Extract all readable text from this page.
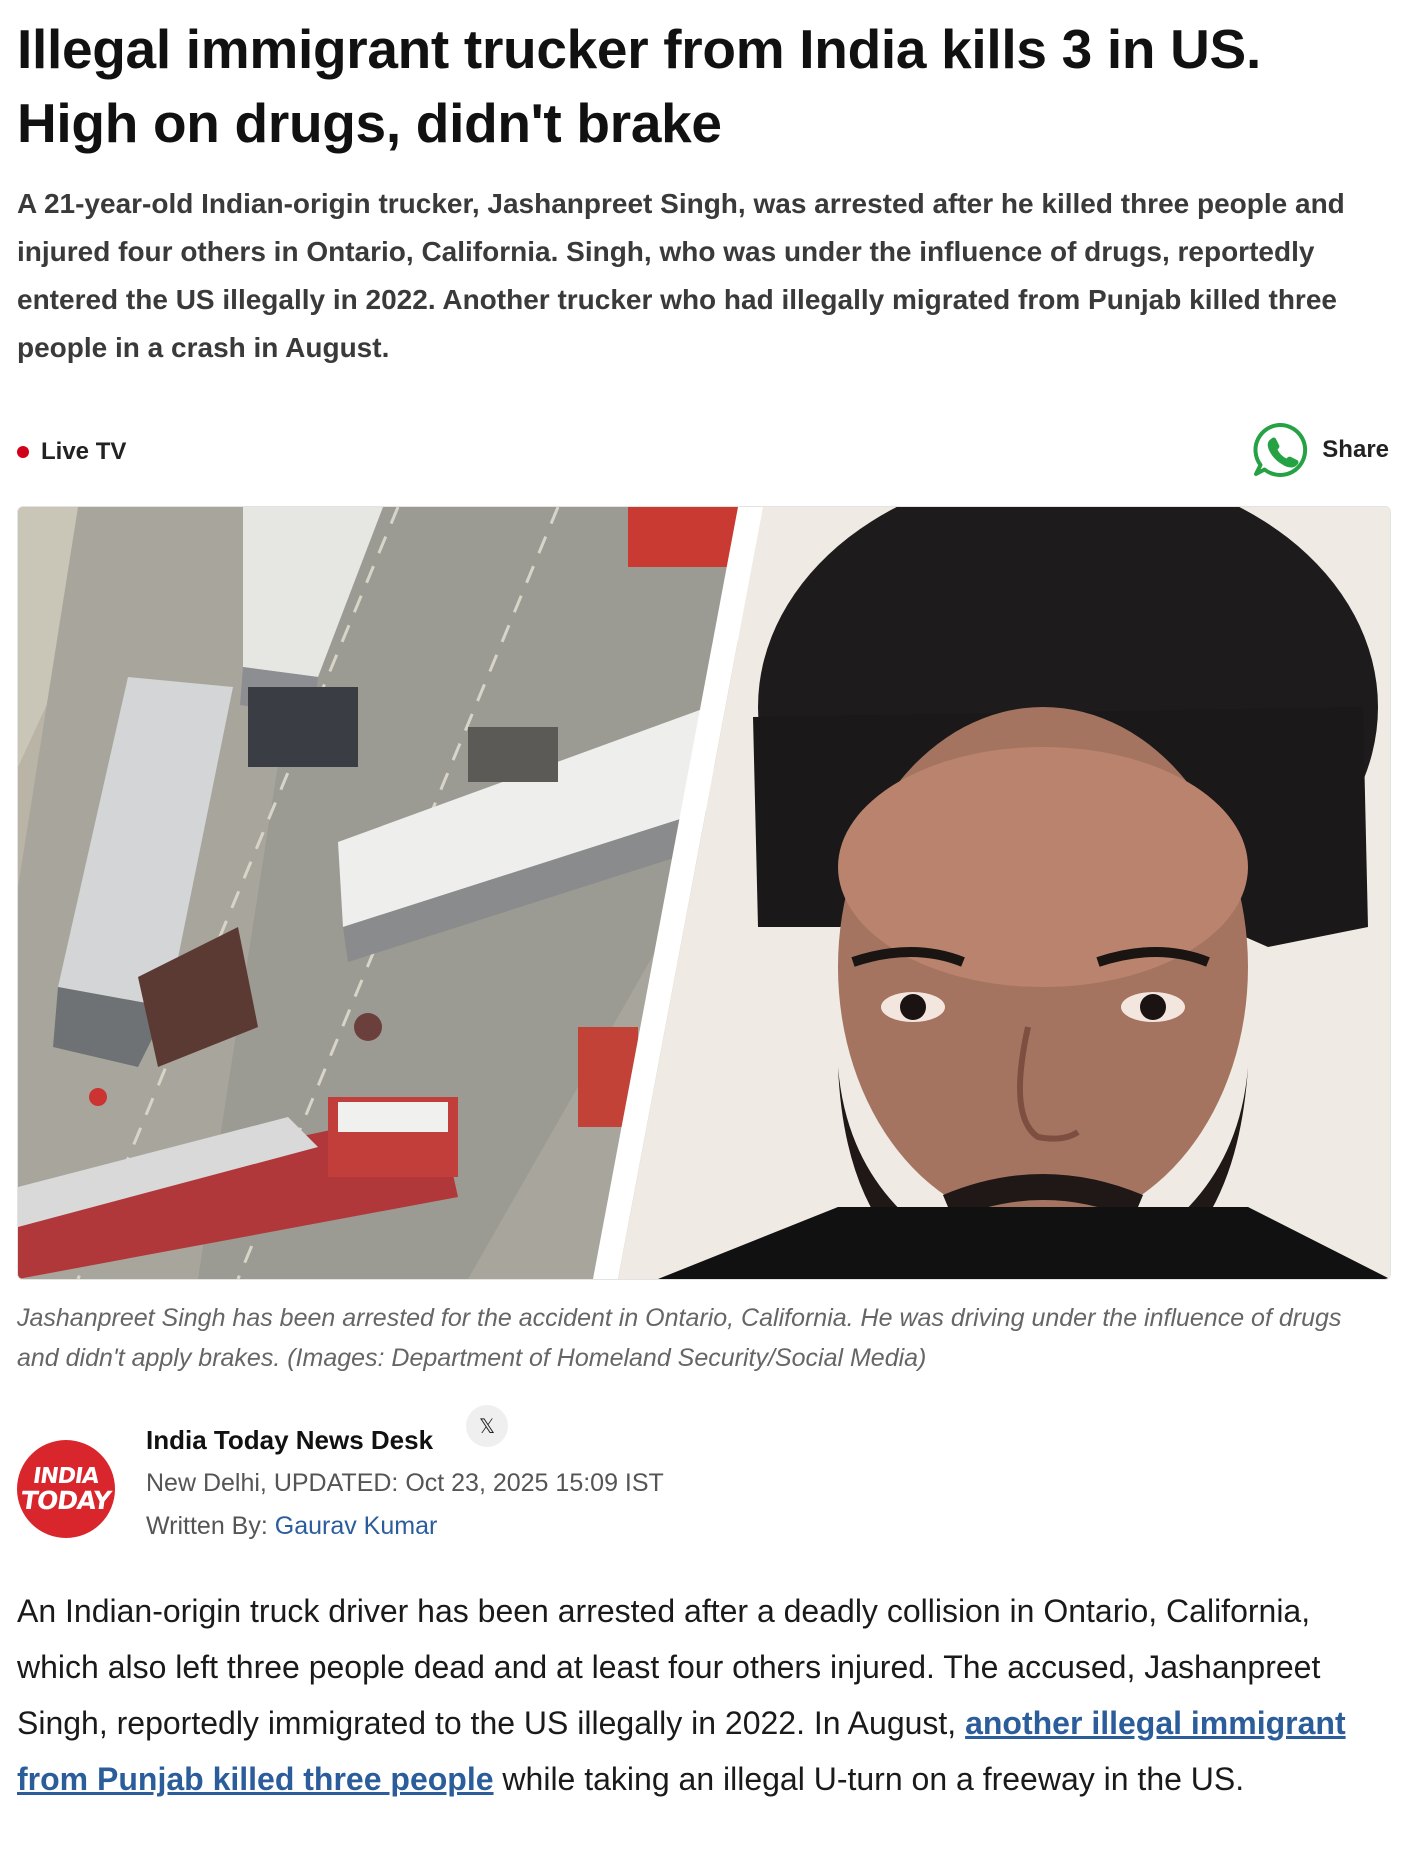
Illegal immigrant trucker from India kills 3 in US. High on drugs, didn't brake

A 21-year-old Indian-origin trucker, Jashanpreet Singh, was arrested after he killed three people and injured four others in Ontario, California. Singh, who was under the influence of drugs, reportedly entered the US illegally in 2022. Another trucker who had illegally migrated from Punjab killed three people in a crash in August.

Live TV	Share

Jashanpreet Singh has been arrested for the accident in Ontario, California. He was driving under the influence of drugs and didn't apply brakes. (Images: Department of Homeland Security/Social Media)

INDIA
TODAY
India Today News Desk	𝕏
New Delhi, UPDATED: Oct 23, 2025 15:09 IST
Written By: Gaurav Kumar

An Indian-origin truck driver has been arrested after a deadly collision in Ontario, California, which also left three people dead and at least four others injured. The accused, Jashanpreet Singh, reportedly immigrated to the US illegally in 2022. In August, another illegal immigrant from Punjab killed three people while taking an illegal U-turn on a freeway in the US.
